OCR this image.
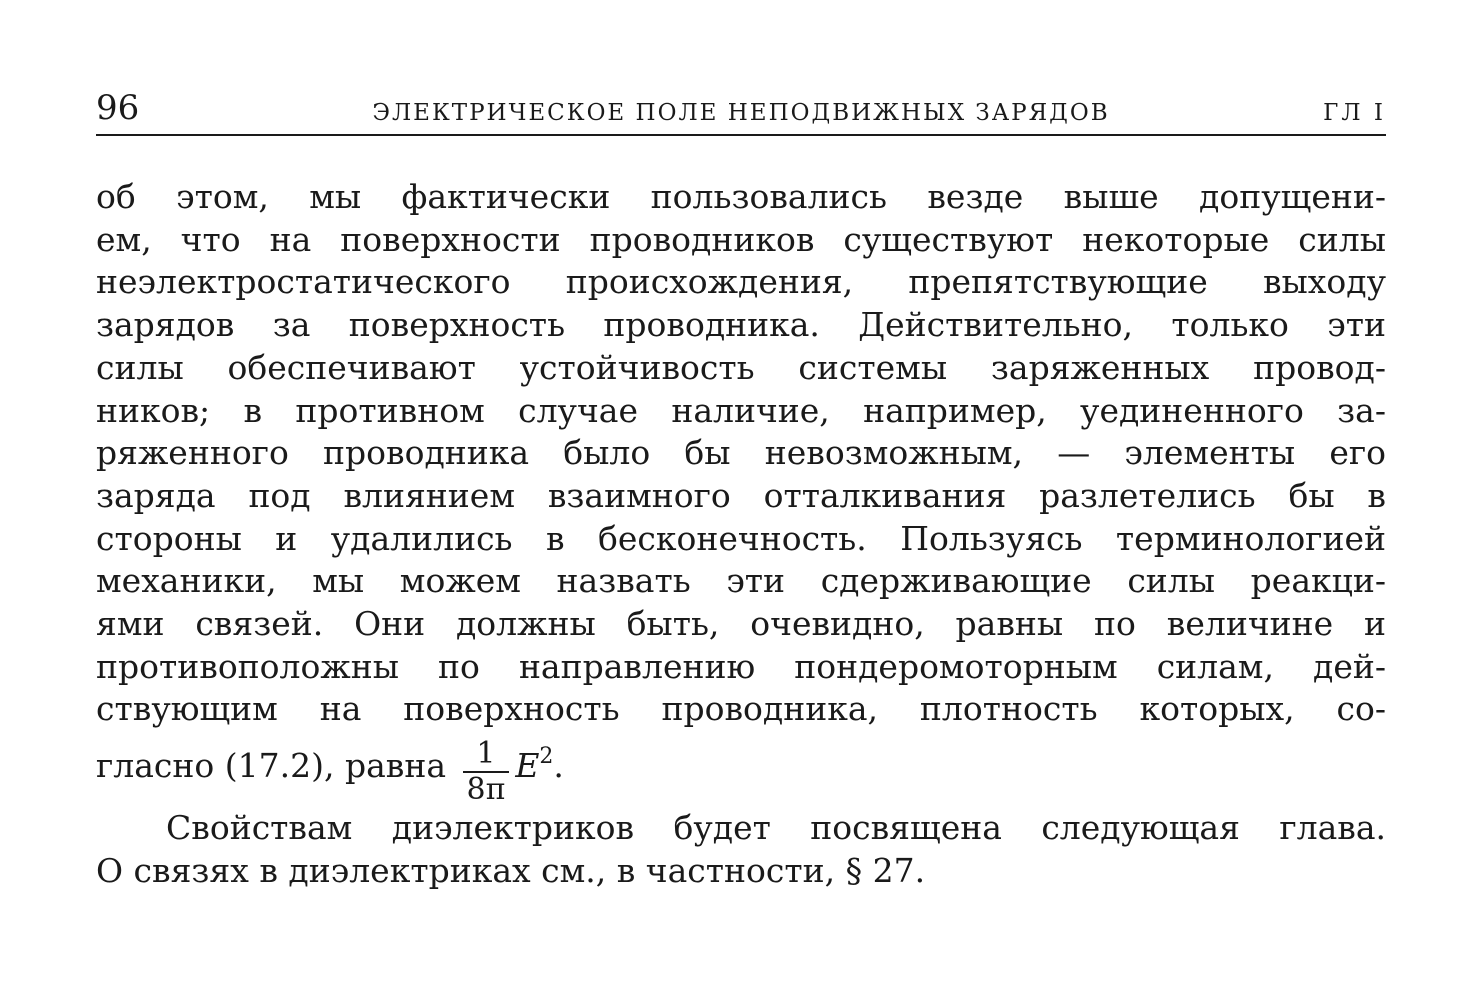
96	ЭЛЕКТРИЧЕСКОЕ ПОЛЕ НЕПОДВИЖНЫХ ЗАРЯДОВ	ГЛ I
об этом, мы фактически пользовались везде выше допущени-
ем, что на поверхности проводников существуют некоторые силы
неэлектростатического происхождения, препятствующие выходу
зарядов за поверхность проводника. Действительно, только эти
силы обеспечивают устойчивость системы заряженных провод-
ников; в противном случае наличие, например, уединенного за-
ряженного проводника было бы невозможным, — элементы его
заряда под влиянием взаимного отталкивания разлетелись бы в
стороны и удалились в бесконечность. Пользуясь терминологией
механики, мы можем назвать эти сдерживающие силы реакци-
ями связей. Они должны быть, очевидно, равны по величине и
противоположны по направлению пондеромоторным силам, дей-
ствующим на поверхность проводника, плотность которых, со-
гласно (17.2), равна $\frac{1}{8\pi} E^2$.
Свойствам диэлектриков будет посвящена следующая глава.
О связях в диэлектриках см., в частности, § 27.
